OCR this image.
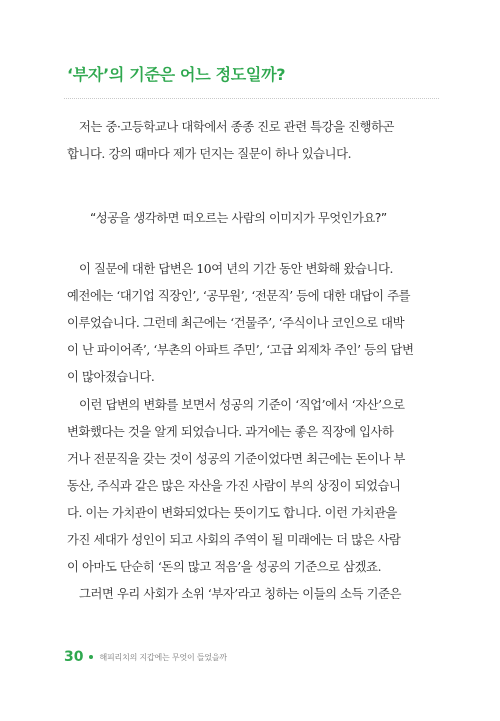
‘부자’의 기준은 어느 정도일까?

저는 중·고등학교나 대학에서 종종 진로 관련 특강을 진행하곤
합니다. 강의 때마다 제가 던지는 질문이 하나 있습니다.

“성공을 생각하면 떠오르는 사람의 이미지가 무엇인가요?”

이 질문에 대한 답변은 10여 년의 기간 동안 변화해 왔습니다.
예전에는 ‘대기업 직장인’, ‘공무원’, ‘전문직’ 등에 대한 대답이 주를
이루었습니다. 그런데 최근에는 ‘건물주’, ‘주식이나 코인으로 대박
이 난 파이어족’, ‘부촌의 아파트 주민’, ‘고급 외제차 주인’ 등의 답변
이 많아졌습니다.

이런 답변의 변화를 보면서 성공의 기준이 ‘직업’에서 ‘자산’으로
변화했다는 것을 알게 되었습니다. 과거에는 좋은 직장에 입사하
거나 전문직을 갖는 것이 성공의 기준이었다면 최근에는 돈이나 부
동산, 주식과 같은 많은 자산을 가진 사람이 부의 상징이 되었습니
다. 이는 가치관이 변화되었다는 뜻이기도 합니다. 이런 가치관을
가진 세대가 성인이 되고 사회의 주역이 될 미래에는 더 많은 사람
이 아마도 단순히 ‘돈의 많고 적음’을 성공의 기준으로 삼겠죠.
그러면 우리 사회가 소위 ‘부자’라고 칭하는 이들의 소득 기준은

30 해피리치의 지갑에는 무엇이 들었을까
